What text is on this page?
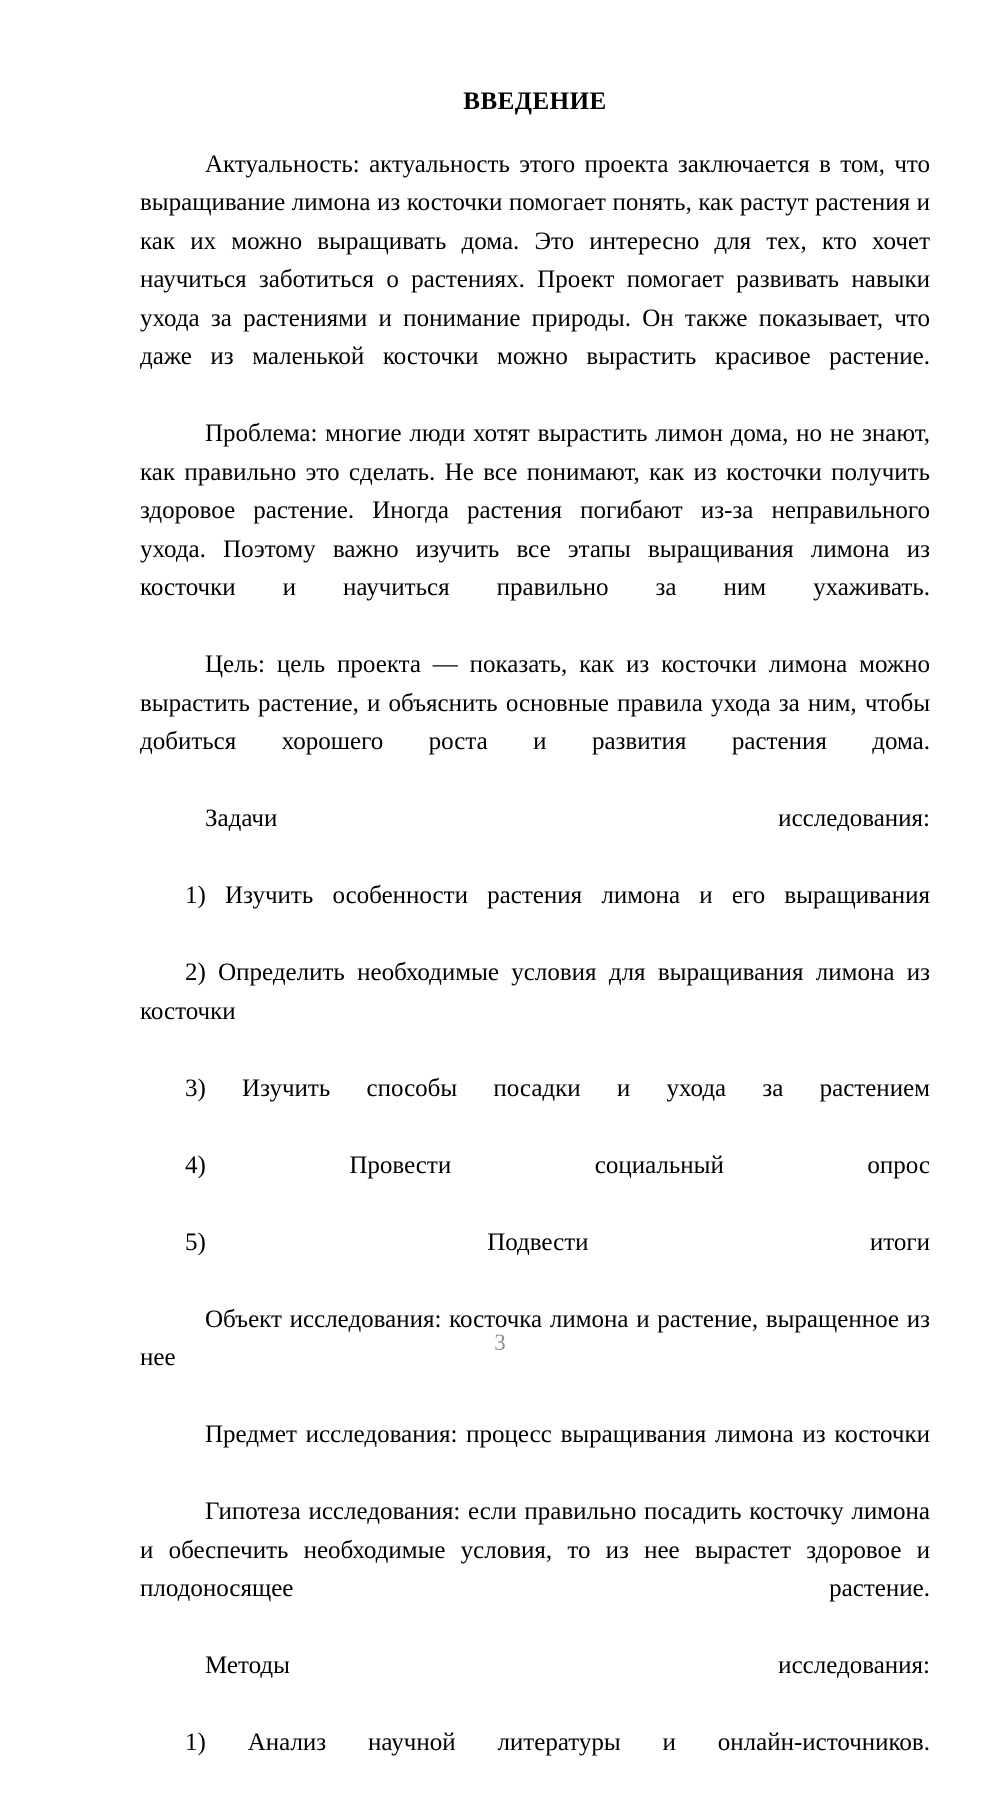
ВВЕДЕНИЕ

Актуальность: актуальность этого проекта заключается в том, что выращивание лимона из косточки помогает понять, как растут растения и как их можно выращивать дома. Это интересно для тех, кто хочет научиться заботиться о растениях. Проект помогает развивать навыки ухода за растениями и понимание природы. Он также показывает, что даже из маленькой косточки можно вырастить красивое растение.

Проблема: многие люди хотят вырастить лимон дома, но не знают, как правильно это сделать. Не все понимают, как из косточки получить здоровое растение. Иногда растения погибают из-за неправильного ухода. Поэтому важно изучить все этапы выращивания лимона из косточки и научиться правильно за ним ухаживать.

Цель: цель проекта — показать, как из косточки лимона можно вырастить растение, и объяснить основные правила ухода за ним, чтобы добиться хорошего роста и развития растения дома.

Задачи исследования:

1) Изучить особенности растения лимона и его выращивания

2) Определить необходимые условия для выращивания лимона из косточки

3) Изучить способы посадки и ухода за растением

4) Провести социальный опрос

5) Подвести итоги

Объект исследования: косточка лимона и растение, выращенное из нее

Предмет исследования: процесс выращивания лимона из косточки

Гипотеза исследования: если правильно посадить косточку лимона и обеспечить необходимые условия, то из нее вырастет здоровое и плодоносящее растение.

Методы исследования:

1) Анализ научной литературы и онлайн-источников.

3
